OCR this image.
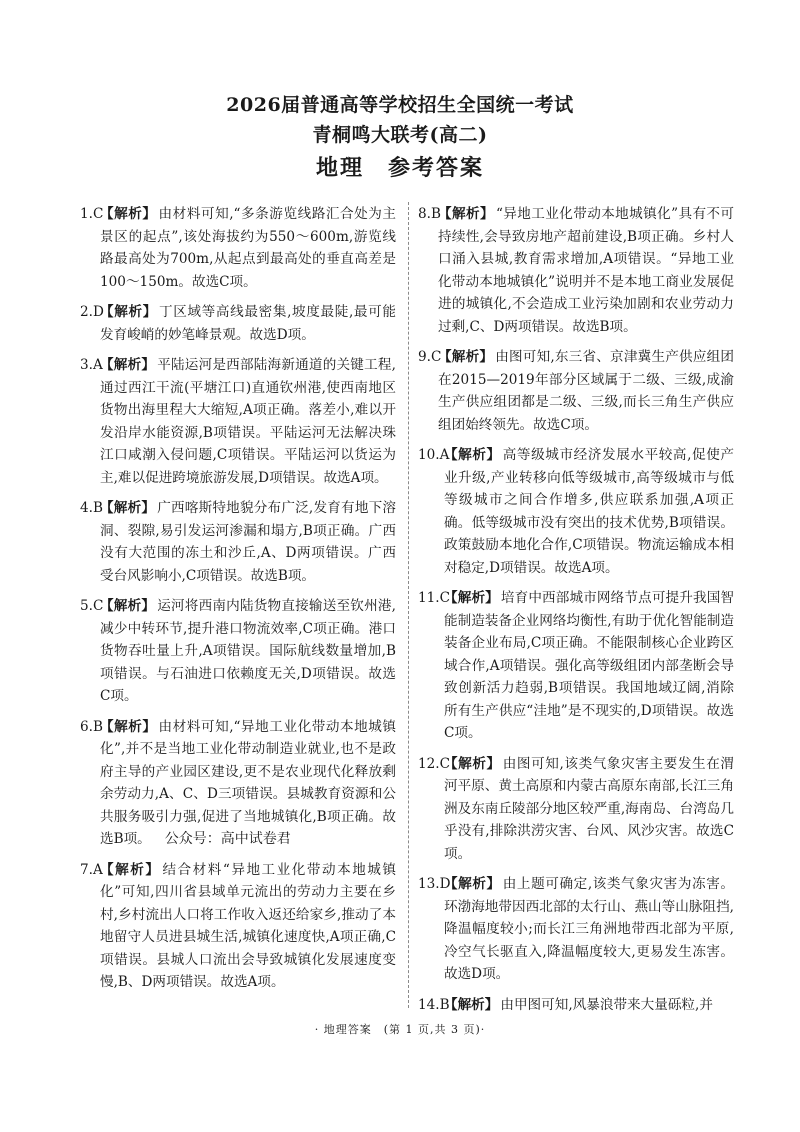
2026届普通高等学校招生全国统一考试
青桐鸣大联考(高二)
地理　参考答案
1.C
【解析】 由材料可知,“多条游览线路汇合处为主景区的起点”,该处海拔约为550～600m,游览线路最高处为700m,从起点到最高处的垂直高差是100～150m。故选C项。
2.D
【解析】 丁区域等高线最密集,坡度最陡,最可能发育峻峭的妙笔峰景观。故选D项。
3.A
【解析】 平陆运河是西部陆海新通道的关键工程,通过西江干流(平塘江口)直通钦州港,使西南地区货物出海里程大大缩短,A项正确。落差小,难以开发沿岸水能资源,B项错误。平陆运河无法解决珠江口咸潮入侵问题,C项错误。平陆运河以货运为主,难以促进跨境旅游发展,D项错误。故选A项。
4.B
【解析】 广西喀斯特地貌分布广泛,发育有地下溶洞、裂隙,易引发运河渗漏和塌方,B项正确。广西没有大范围的冻土和沙丘,A、D两项错误。广西受台风影响小,C项错误。故选B项。
5.C
【解析】 运河将西南内陆货物直接输送至钦州港,减少中转环节,提升港口物流效率,C项正确。港口货物吞吐量上升,A项错误。国际航线数量增加,B项错误。与石油进口依赖度无关,D项错误。故选C项。
6.B
【解析】 由材料可知,“异地工业化带动本地城镇化”,并不是当地工业化带动制造业就业,也不是政府主导的产业园区建设,更不是农业现代化释放剩余劳动力,A、C、D三项错误。县城教育资源和公共服务吸引力强,促进了当地城镇化,B项正确。故选B项。 公众号：高中试卷君
7.A
【解析】 结合材料“异地工业化带动本地城镇化”可知,四川省县域单元流出的劳动力主要在乡村,乡村流出人口将工作收入返还给家乡,推动了本地留守人员进县城生活,城镇化速度快,A项正确,C项错误。县城人口流出会导致城镇化发展速度变慢,B、D两项错误。故选A项。
8.B
【解析】 “异地工业化带动本地城镇化”具有不可持续性,会导致房地产超前建设,B项正确。乡村人口涌入县城,教育需求增加,A项错误。“异地工业化带动本地城镇化”说明并不是本地工商业发展促进的城镇化,不会造成工业污染加剧和农业劳动力过剩,C、D两项错误。故选B项。
9.C
【解析】 由图可知,东三省、京津冀生产供应组团在2015—2019年部分区域属于二级、三级,成渝生产供应组团都是二级、三级,而长三角生产供应组团始终领先。故选C项。
10.A
【解析】 高等级城市经济发展水平较高,促使产业升级,产业转移向低等级城市,高等级城市与低等级城市之间合作增多,供应联系加强,A项正确。低等级城市没有突出的技术优势,B项错误。政策鼓励本地化合作,C项错误。物流运输成本相对稳定,D项错误。故选A项。
11.C
【解析】 培育中西部城市网络节点可提升我国智能制造装备企业网络均衡性,有助于优化智能制造装备企业布局,C项正确。不能限制核心企业跨区域合作,A项错误。强化高等级组团内部垄断会导致创新活力趋弱,B项错误。我国地域辽阔,消除所有生产供应“洼地”是不现实的,D项错误。故选C项。
12.C
【解析】 由图可知,该类气象灾害主要发生在渭河平原、黄土高原和内蒙古高原东南部,长江三角洲及东南丘陵部分地区较严重,海南岛、台湾岛几乎没有,排除洪涝灾害、台风、风沙灾害。故选C项。
13.D
【解析】 由上题可确定,该类气象灾害为冻害。环渤海地带因西北部的太行山、燕山等山脉阻挡,降温幅度较小;而长江三角洲地带西北部为平原,冷空气长驱直入,降温幅度较大,更易发生冻害。故选D项。
14.B
【解析】 由甲图可知,风暴浪带来大量砾粒,并
· 地理答案　(第 1 页,共 3 页)·
